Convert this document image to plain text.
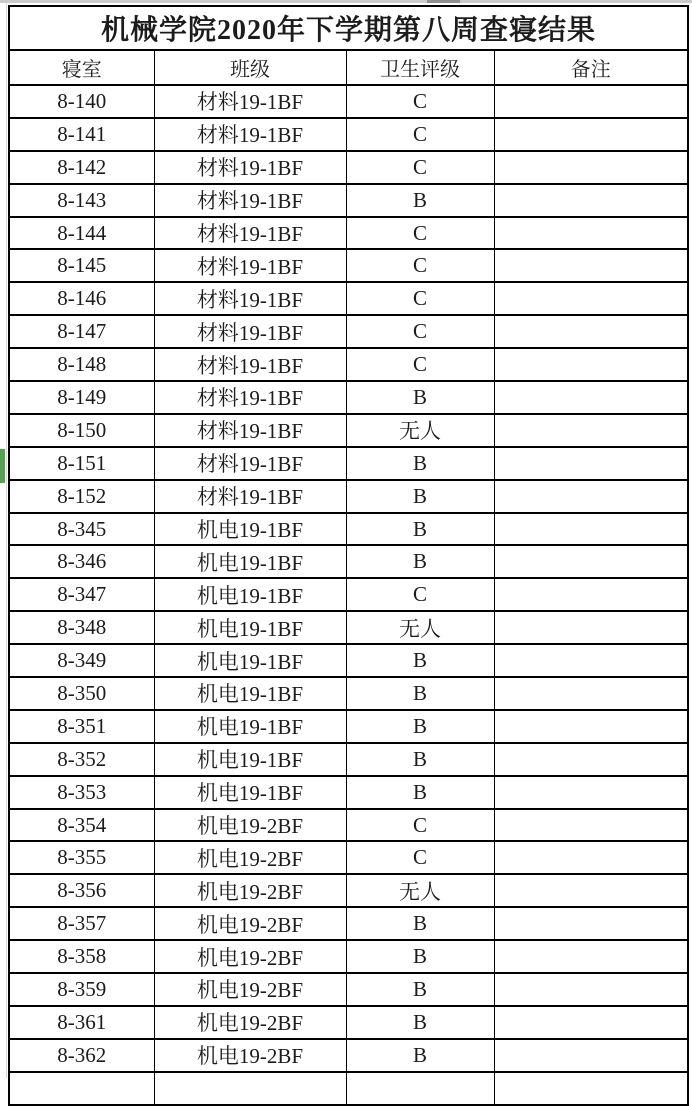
机械学院2020年下学期第八周查寝结果			
寝室	班级	卫生评级	备注
8-140	材料19-1BF	C	
8-141	材料19-1BF	C	
8-142	材料19-1BF	C	
8-143	材料19-1BF	B	
8-144	材料19-1BF	C	
8-145	材料19-1BF	C	
8-146	材料19-1BF	C	
8-147	材料19-1BF	C	
8-148	材料19-1BF	C	
8-149	材料19-1BF	B	
8-150	材料19-1BF	无人	
8-151	材料19-1BF	B	
8-152	材料19-1BF	B	
8-345	机电19-1BF	B	
8-346	机电19-1BF	B	
8-347	机电19-1BF	C	
8-348	机电19-1BF	无人	
8-349	机电19-1BF	B	
8-350	机电19-1BF	B	
8-351	机电19-1BF	B	
8-352	机电19-1BF	B	
8-353	机电19-1BF	B	
8-354	机电19-2BF	C	
8-355	机电19-2BF	C	
8-356	机电19-2BF	无人	
8-357	机电19-2BF	B	
8-358	机电19-2BF	B	
8-359	机电19-2BF	B	
8-361	机电19-2BF	B	
8-362	机电19-2BF	B	
